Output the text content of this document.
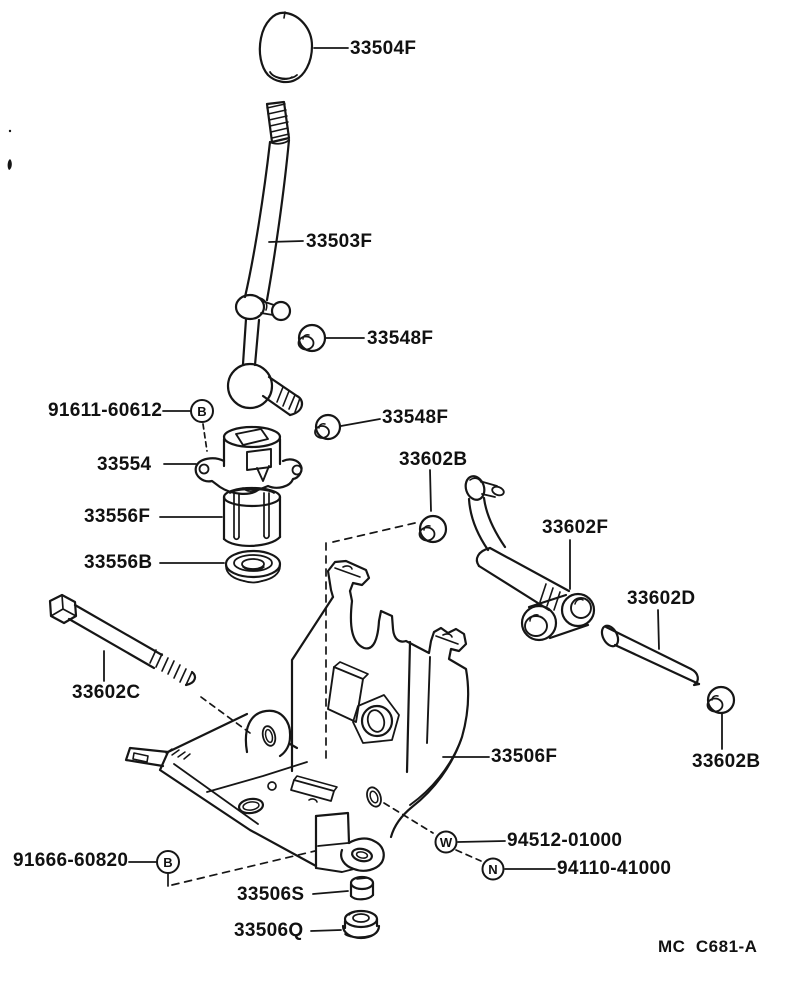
B
B
W
N
33504F
33503F
33548F
91611-60612	33548F
33554	33602B
33602F
33556F
33556B
33602D
33602C
33506F	33602B
94512-01000
94110-41000
91666-60820
33506S
33506Q
MC  C681-A
